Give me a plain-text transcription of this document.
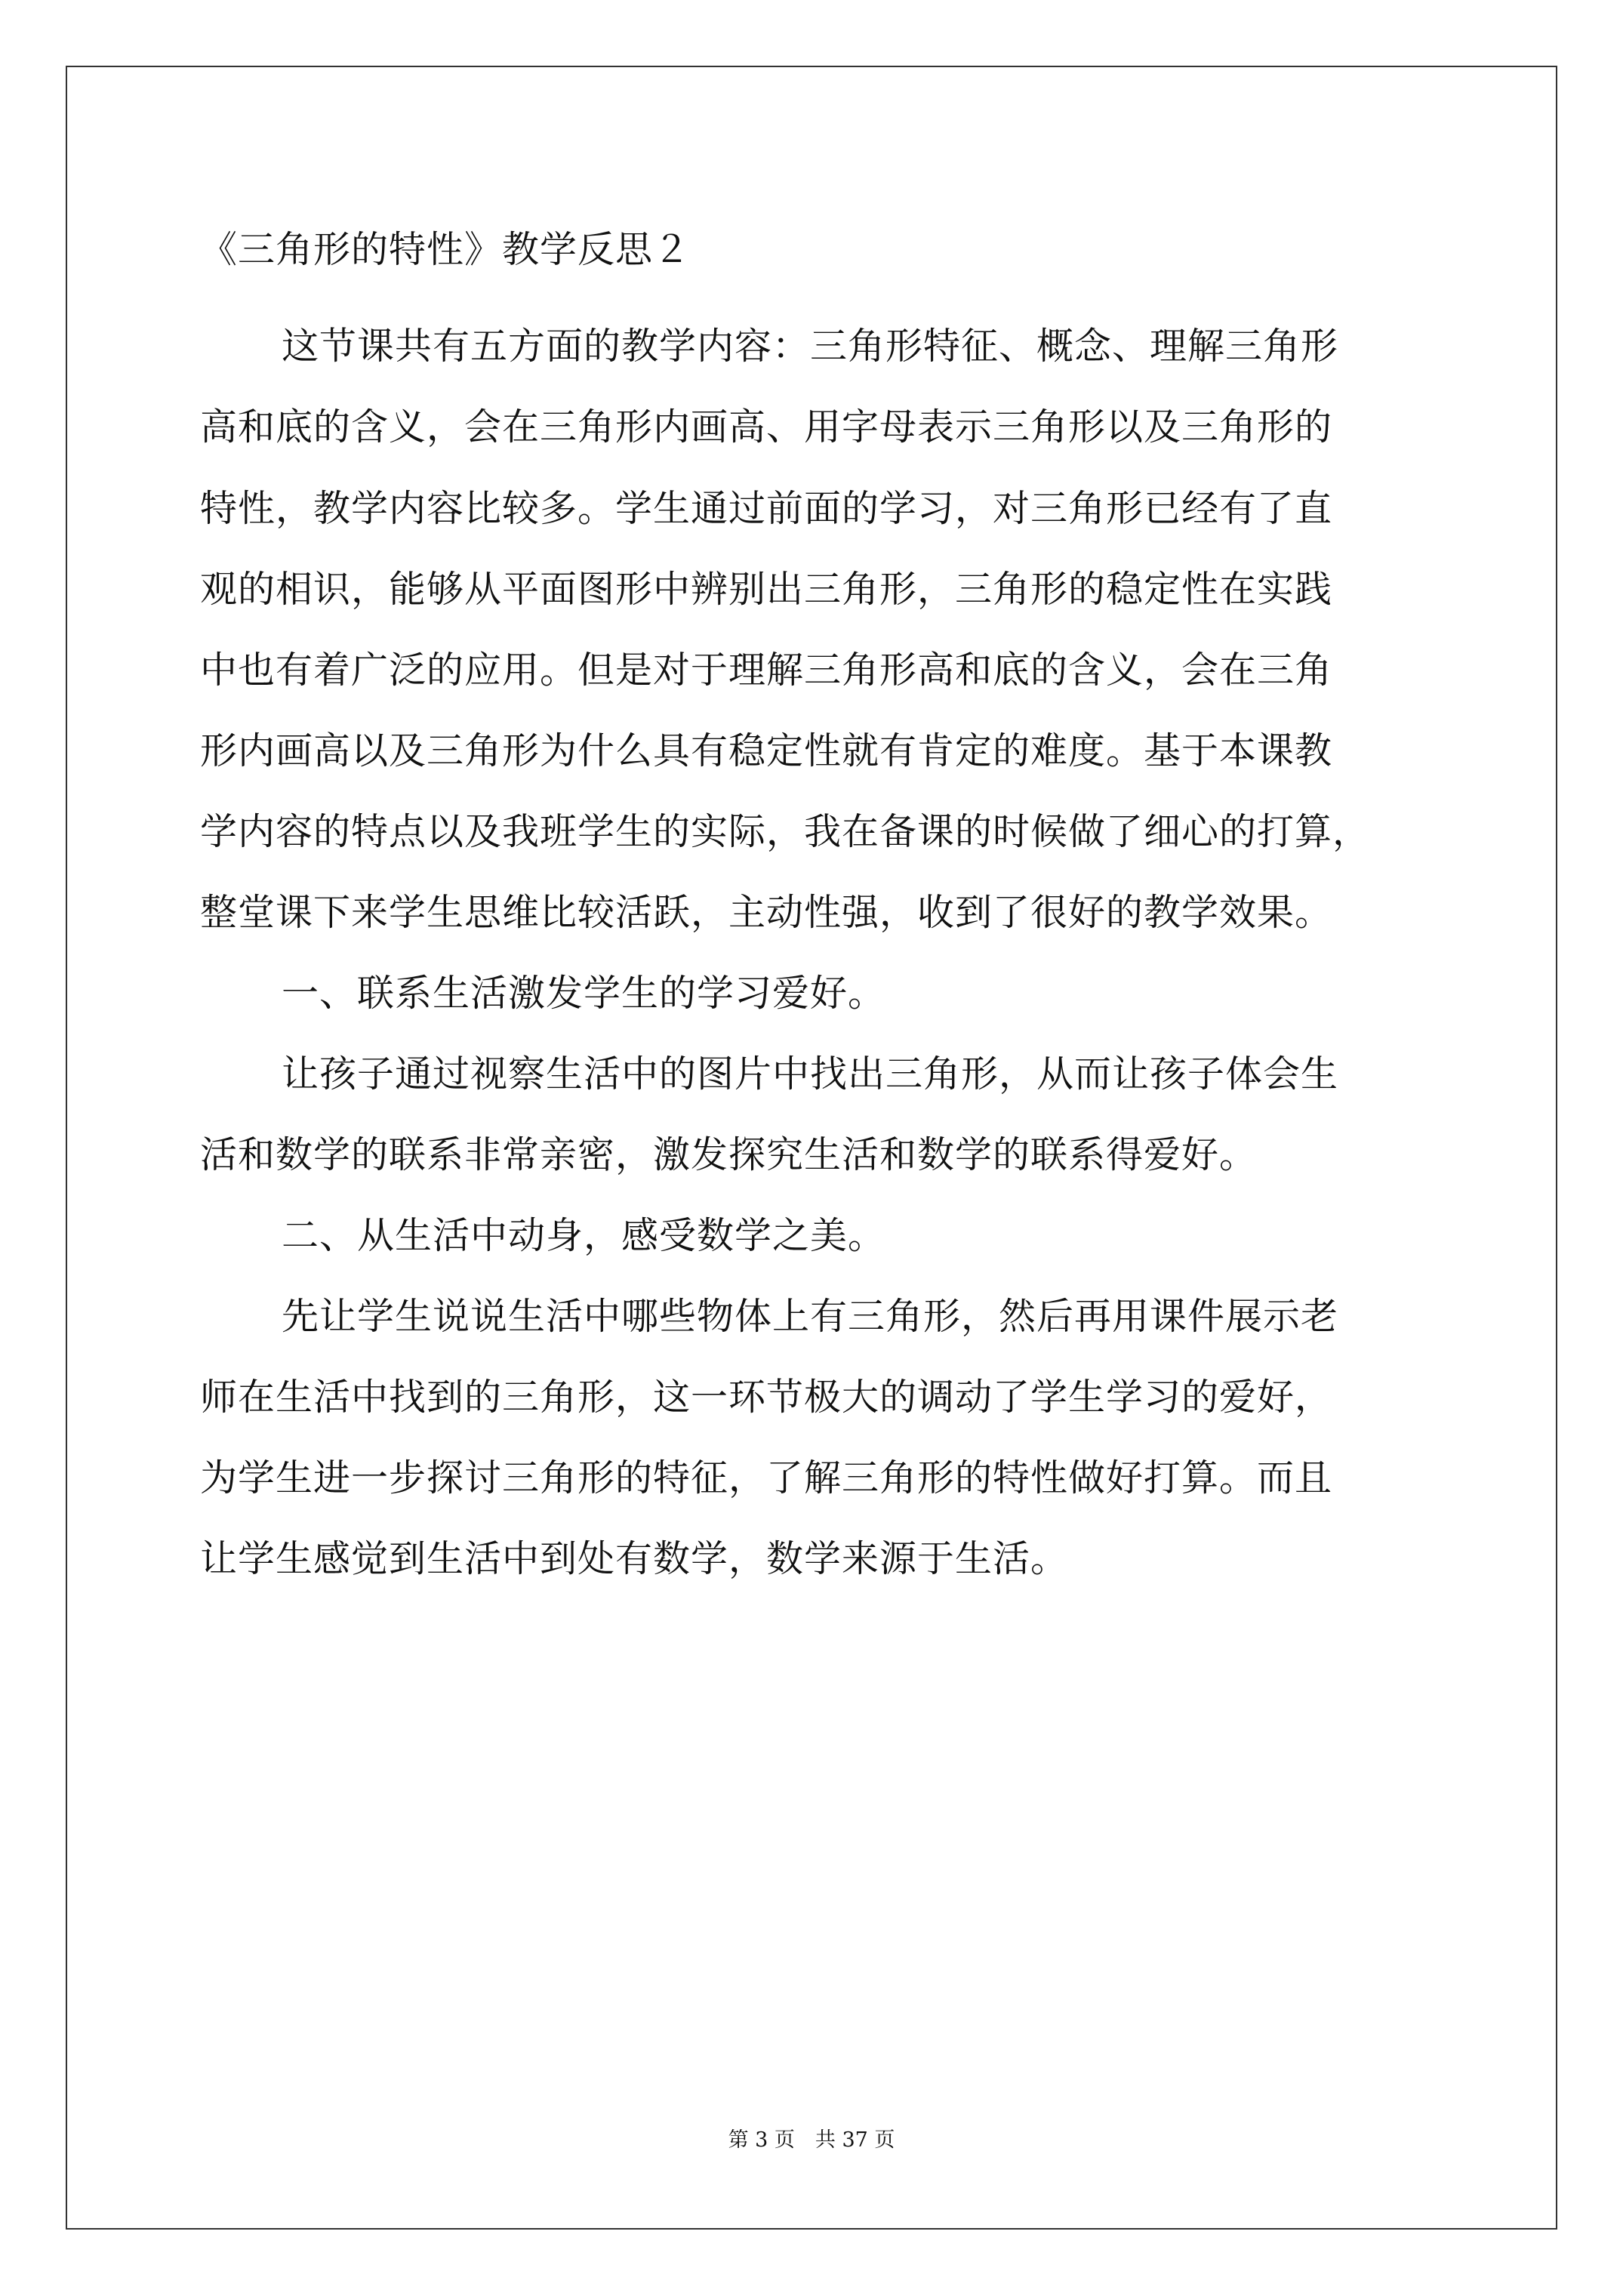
《三角形的特性》教学反思２
这节课共有五方面的教学内容：三角形特征、概念、理解三角形
高和底的含义，会在三角形内画高、用字母表示三角形以及三角形的
特性，教学内容比较多。学生通过前面的学习，对三角形已经有了直
观的相识，能够从平面图形中辨别出三角形，三角形的稳定性在实践
中也有着广泛的应用。但是对于理解三角形高和底的含义，会在三角
形内画高以及三角形为什么具有稳定性就有肯定的难度。基于本课教
学内容的特点以及我班学生的实际，我在备课的时候做了细心的打算，
整堂课下来学生思维比较活跃，主动性强，收到了很好的教学效果。
一、联系生活激发学生的学习爱好。
让孩子通过视察生活中的图片中找出三角形，从而让孩子体会生
活和数学的联系非常亲密，激发探究生活和数学的联系得爱好。
二、从生活中动身，感受数学之美。
先让学生说说生活中哪些物体上有三角形，然后再用课件展示老
师在生活中找到的三角形，这一环节极大的调动了学生学习的爱好，
为学生进一步探讨三角形的特征，了解三角形的特性做好打算。而且
让学生感觉到生活中到处有数学，数学来源于生活。
第 3 页　共 37 页
